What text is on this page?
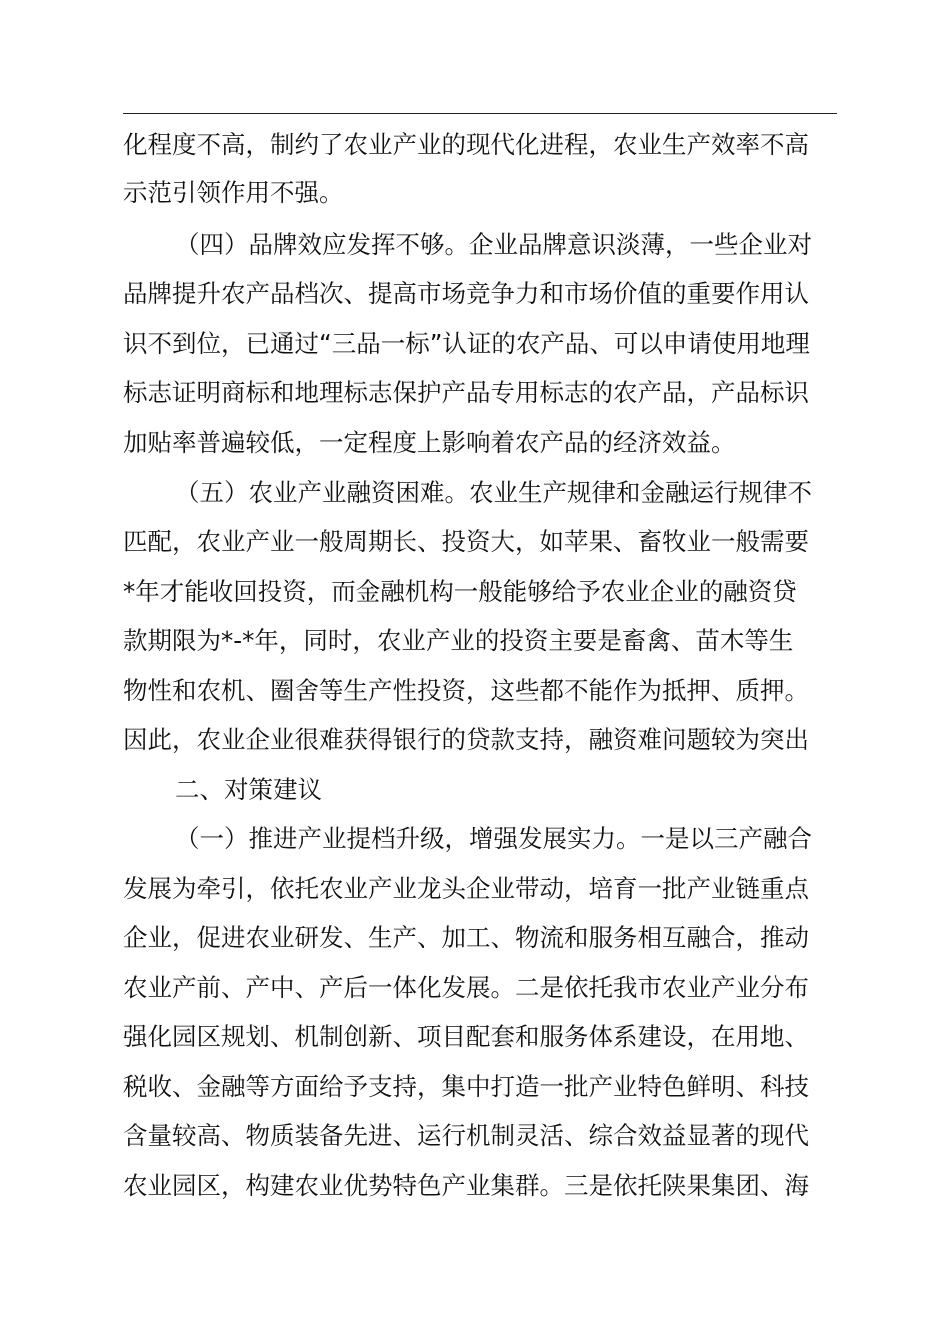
化程度不高，制约了农业产业的现代化进程，农业生产效率不高
示范引领作用不强。
（四）品牌效应发挥不够。企业品牌意识淡薄，一些企业对
品牌提升农产品档次、提高市场竞争力和市场价值的重要作用认
识不到位，已通过“三品一标”认证的农产品、可以申请使用地理
标志证明商标和地理标志保护产品专用标志的农产品，产品标识
加贴率普遍较低，一定程度上影响着农产品的经济效益。
（五）农业产业融资困难。农业生产规律和金融运行规律不
匹配，农业产业一般周期长、投资大，如苹果、畜牧业一般需要
*年才能收回投资，而金融机构一般能够给予农业企业的融资贷
款期限为*-*年，同时，农业产业的投资主要是畜禽、苗木等生
物性和农机、圈舍等生产性投资，这些都不能作为抵押、质押。
因此，农业企业很难获得银行的贷款支持，融资难问题较为突出
二、对策建议
（一）推进产业提档升级，增强发展实力。一是以三产融合
发展为牵引，依托农业产业龙头企业带动，培育一批产业链重点
企业，促进农业研发、生产、加工、物流和服务相互融合，推动
农业产前、产中、产后一体化发展。二是依托我市农业产业分布
强化园区规划、机制创新、项目配套和服务体系建设，在用地、
税收、金融等方面给予支持，集中打造一批产业特色鲜明、科技
含量较高、物质装备先进、运行机制灵活、综合效益显著的现代
农业园区，构建农业优势特色产业集群。三是依托陕果集团、海
